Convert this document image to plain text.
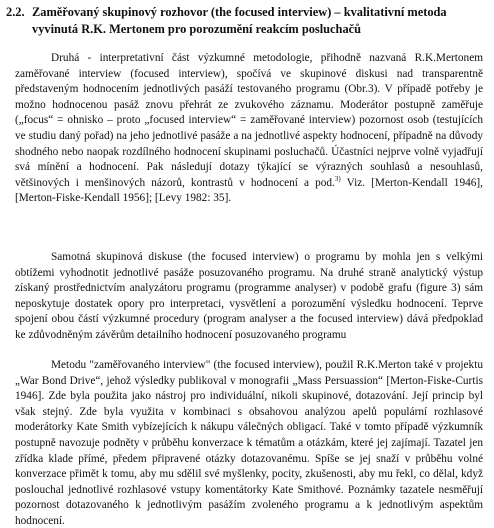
2.2. Zaměřovaný skupinový rozhovor (the focused interview) – kvalitativní metoda
vyvinutá R.K. Mertonem pro porozumění reakcím posluchačů

Druhá - interpretativní část výzkumné metodologie, přihodně nazvaná R.K.Mertonem zaměřované interview (focused interview), spočívá ve skupinové diskusi nad transparentně představeným hodnocením jednotlivých pasáží testovaného programu (Obr.3). V případě potřeby je možno hodnocenou pasáž znovu přehrát ze zvukového záznamu. Moderátor postupně zaměřuje („focus“ = ohnisko – proto „focused interview“ = zaměřované interview) pozornost osob (testujících ve studiu daný pořad) na jeho jednotlivé pasáže a na jednotlivé aspekty hodnocení, případně na důvody shodného nebo naopak rozdílného hodnocení skupinami posluchačů. Účastníci nejprve volně vyjadřují svá mínění a hodnocení. Pak následují dotazy týkající se výrazných souhlasů a nesouhlasů, většinových i menšinových názorů, kontrastů v hodnocení a pod.$^{3)}$ Viz. [Merton-Kendall 1946], [Merton-Fiske-Kendall 1956]; [Levy 1982: 35].

Samotná skupinová diskuse (the focused interview) o programu by mohla jen s velkými obtížemi vyhodnotit jednotlivé pasáže posuzovaného programu. Na druhé straně analytický výstup získaný prostřednictvím analyzátoru programu (programme analyser) v podobě grafu (figure 3) sám neposkytuje dostatek opory pro interpretaci, vysvětlení a porozumění výsledku hodnocení. Teprve spojení obou částí výzkumné procedury (program analyser a the focused interview) dává předpoklad ke zdůvodněným závěrům detailního hodnocení posuzovaného programu

Metodu "zaměřovaného interview" (the focused interview), použil R.K.Merton také v projektu „War Bond Drive“, jehož výsledky publikoval v monografii „Mass Persuassion“ [Merton-Fiske-Curtis 1946]. Zde byla použita jako nástroj pro individuální, nikoli skupinové, dotazování. Její princip byl však stejný. Zde byla využita v kombinaci s obsahovou analýzou apelů populární rozhlasové moderátorky Kate Smith vybízejících k nákupu válečných obligací. Také v tomto případě výzkumník postupně navozuje podněty v průběhu konverzace k tématům a otázkám, které jej zajímají. Tazatel jen zřídka klade přímé, předem připravené otázky dotazovanému. Spíše se jej snaží v průběhu volné konverzace přimět k tomu, aby mu sdělil své myšlenky, pocity, zkušenosti, aby mu řekl, co dělal, když poslouchal jednotlivé rozhlasové vstupy komentátorky Kate Smithové. Poznámky tazatele nesměřují pozornost dotazovaného k jednotlivým pasážím zvoleného programu a k jednotlivým aspektům hodnocení.
